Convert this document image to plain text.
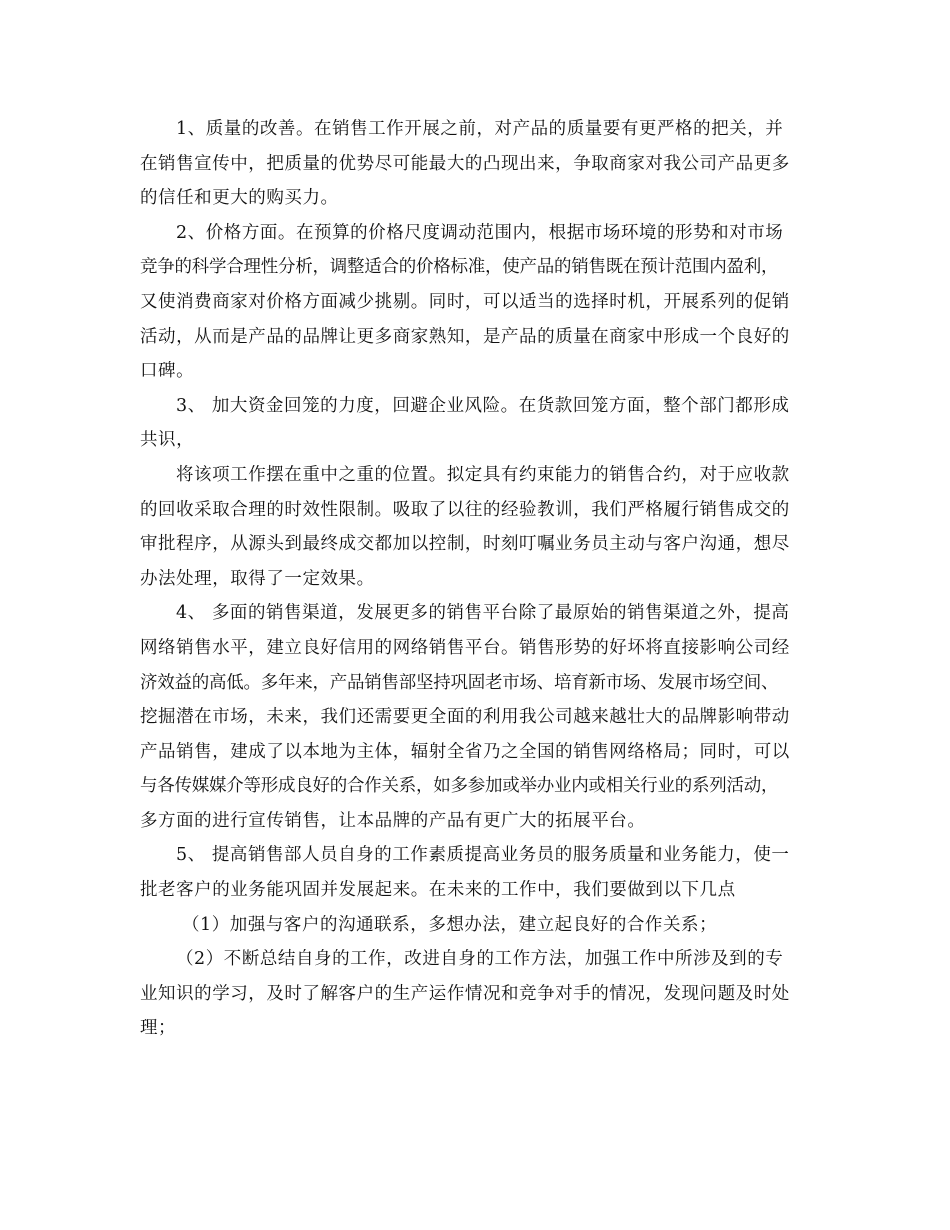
1、质量的改善。在销售工作开展之前，对产品的质量要有更严格的把关，并
在销售宣传中，把质量的优势尽可能最大的凸现出来，争取商家对我公司产品更多
的信任和更大的购买力。
2、价格方面。在预算的价格尺度调动范围内，根据市场环境的形势和对市场
竞争的科学合理性分析，调整适合的价格标准，使产品的销售既在预计范围内盈利，
又使消费商家对价格方面减少挑剔。同时，可以适当的选择时机，开展系列的促销
活动，从而是产品的品牌让更多商家熟知，是产品的质量在商家中形成一个良好的
口碑。
3、 加大资金回笼的力度，回避企业风险。在货款回笼方面，整个部门都形成
共识，
将该项工作摆在重中之重的位置。拟定具有约束能力的销售合约，对于应收款
的回收采取合理的时效性限制。吸取了以往的经验教训，我们严格履行销售成交的
审批程序，从源头到最终成交都加以控制，时刻叮嘱业务员主动与客户沟通，想尽
办法处理，取得了一定效果。
4、 多面的销售渠道，发展更多的销售平台除了最原始的销售渠道之外，提高
网络销售水平，建立良好信用的网络销售平台。销售形势的好坏将直接影响公司经
济效益的高低。多年来，产品销售部坚持巩固老市场、培育新市场、发展市场空间、
挖掘潜在市场，未来，我们还需要更全面的利用我公司越来越壮大的品牌影响带动
产品销售，建成了以本地为主体，辐射全省乃之全国的销售网络格局；同时，可以
与各传媒媒介等形成良好的合作关系，如多参加或举办业内或相关行业的系列活动，
多方面的进行宣传销售，让本品牌的产品有更广大的拓展平台。
5、 提高销售部人员自身的工作素质提高业务员的服务质量和业务能力，使一
批老客户的业务能巩固并发展起来。在未来的工作中，我们要做到以下几点
（1）加强与客户的沟通联系，多想办法，建立起良好的合作关系；
（2）不断总结自身的工作，改进自身的工作方法，加强工作中所涉及到的专
业知识的学习，及时了解客户的生产运作情况和竞争对手的情况，发现问题及时处
理；
